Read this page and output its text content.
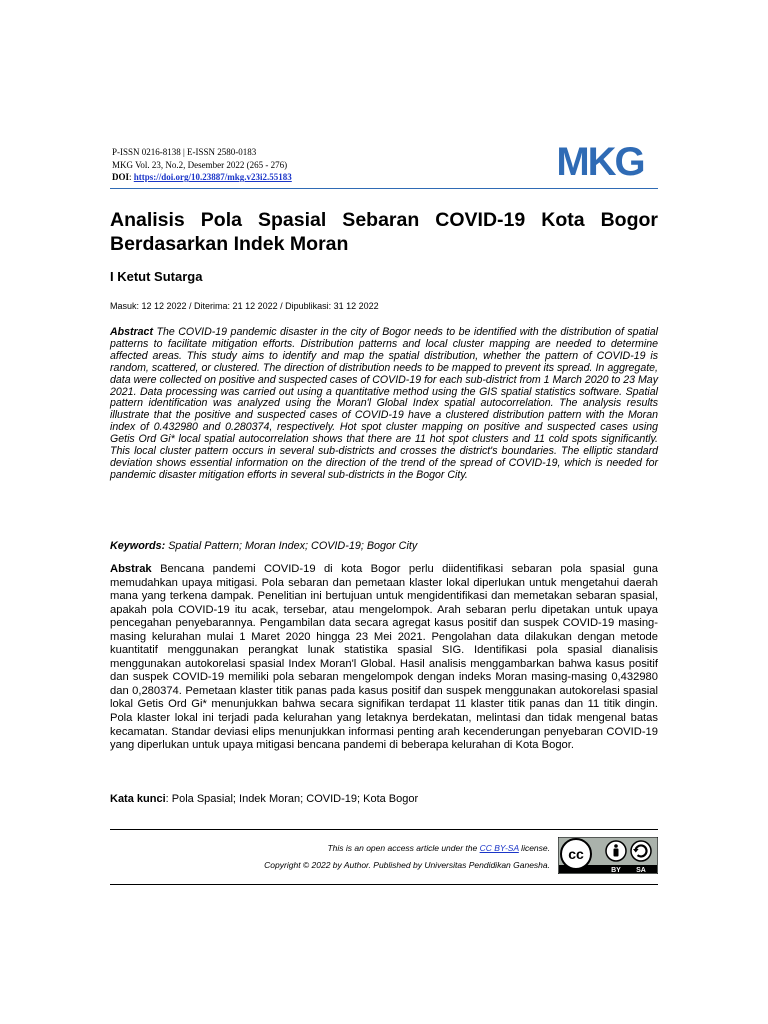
P-ISSN 0216-8138 | E-ISSN 2580-0183
MKG Vol. 23, No.2, Desember 2022 (265 - 276)
DOI: https://doi.org/10.23887/mkg.v23i2.55183	MKG
Analisis Pola Spasial Sebaran COVID-19 Kota Bogor Berdasarkan Indek Moran
I Ketut Sutarga
Masuk: 12 12 2022 / Diterima: 21 12 2022 / Dipublikasi: 31 12 2022

Abstract The COVID-19 pandemic disaster in the city of Bogor needs to be identified with the distribution of spatial patterns to facilitate mitigation efforts. Distribution patterns and local cluster mapping are needed to determine affected areas. This study aims to identify and map the spatial distribution, whether the pattern of COVID-19 is random, scattered, or clustered. The direction of distribution needs to be mapped to prevent its spread. In aggregate, data were collected on positive and suspected cases of COVID-19 for each sub-district from 1 March 2020 to 23 May 2021. Data processing was carried out using a quantitative method using the GIS spatial statistics software. Spatial pattern identification was analyzed using the Moran'l Global Index spatial autocorrelation. The analysis results illustrate that the positive and suspected cases of COVID-19 have a clustered distribution pattern with the Moran index of 0.432980 and 0.280374, respectively. Hot spot cluster mapping on positive and suspected cases using Getis Ord Gi* local spatial autocorrelation shows that there are 11 hot spot clusters and 11 cold spots significantly. This local cluster pattern occurs in several sub-districts and crosses the district's boundaries. The elliptic standard deviation shows essential information on the direction of the trend of the spread of COVID-19, which is needed for pandemic disaster mitigation efforts in several sub-districts in the Bogor City.

Keywords: Spatial Pattern; Moran Index; COVID-19; Bogor City

Abstrak Bencana pandemi COVID-19 di kota Bogor perlu diidentifikasi sebaran pola spasial guna memudahkan upaya mitigasi. Pola sebaran dan pemetaan klaster lokal diperlukan untuk mengetahui daerah mana yang terkena dampak. Penelitian ini bertujuan untuk mengidentifikasi dan memetakan sebaran spasial, apakah pola COVID-19 itu acak, tersebar, atau mengelompok. Arah sebaran perlu dipetakan untuk upaya pencegahan penyebarannya. Pengambilan data secara agregat kasus positif dan suspek COVID-19 masing-masing kelurahan mulai 1 Maret 2020 hingga 23 Mei 2021. Pengolahan data dilakukan dengan metode kuantitatif menggunakan perangkat lunak statistika spasial SIG. Identifikasi pola spasial dianalisis menggunakan autokorelasi spasial Index Moran'l Global. Hasil analisis menggambarkan bahwa kasus positif dan suspek COVID-19 memiliki pola sebaran mengelompok dengan indeks Moran masing-masing 0,432980 dan 0,280374. Pemetaan klaster titik panas pada kasus positif dan suspek menggunakan autokorelasi spasial lokal Getis Ord Gi* menunjukkan bahwa secara signifikan terdapat 11 klaster titik panas dan 11 titik dingin. Pola klaster lokal ini terjadi pada kelurahan yang letaknya berdekatan, melintasi dan tidak mengenal batas kecamatan. Standar deviasi elips menunjukkan informasi penting arah kecenderungan penyebaran COVID-19 yang diperlukan untuk upaya mitigasi bencana pandemi di beberapa kelurahan di Kota Bogor.

Kata kunci: Pola Spasial; Indek Moran; COVID-19; Kota Bogor

This is an open access article under the CC BY-SA license.
Copyright © 2022 by Author. Published by Universitas Pendidikan Ganesha.
cc
BY SA
